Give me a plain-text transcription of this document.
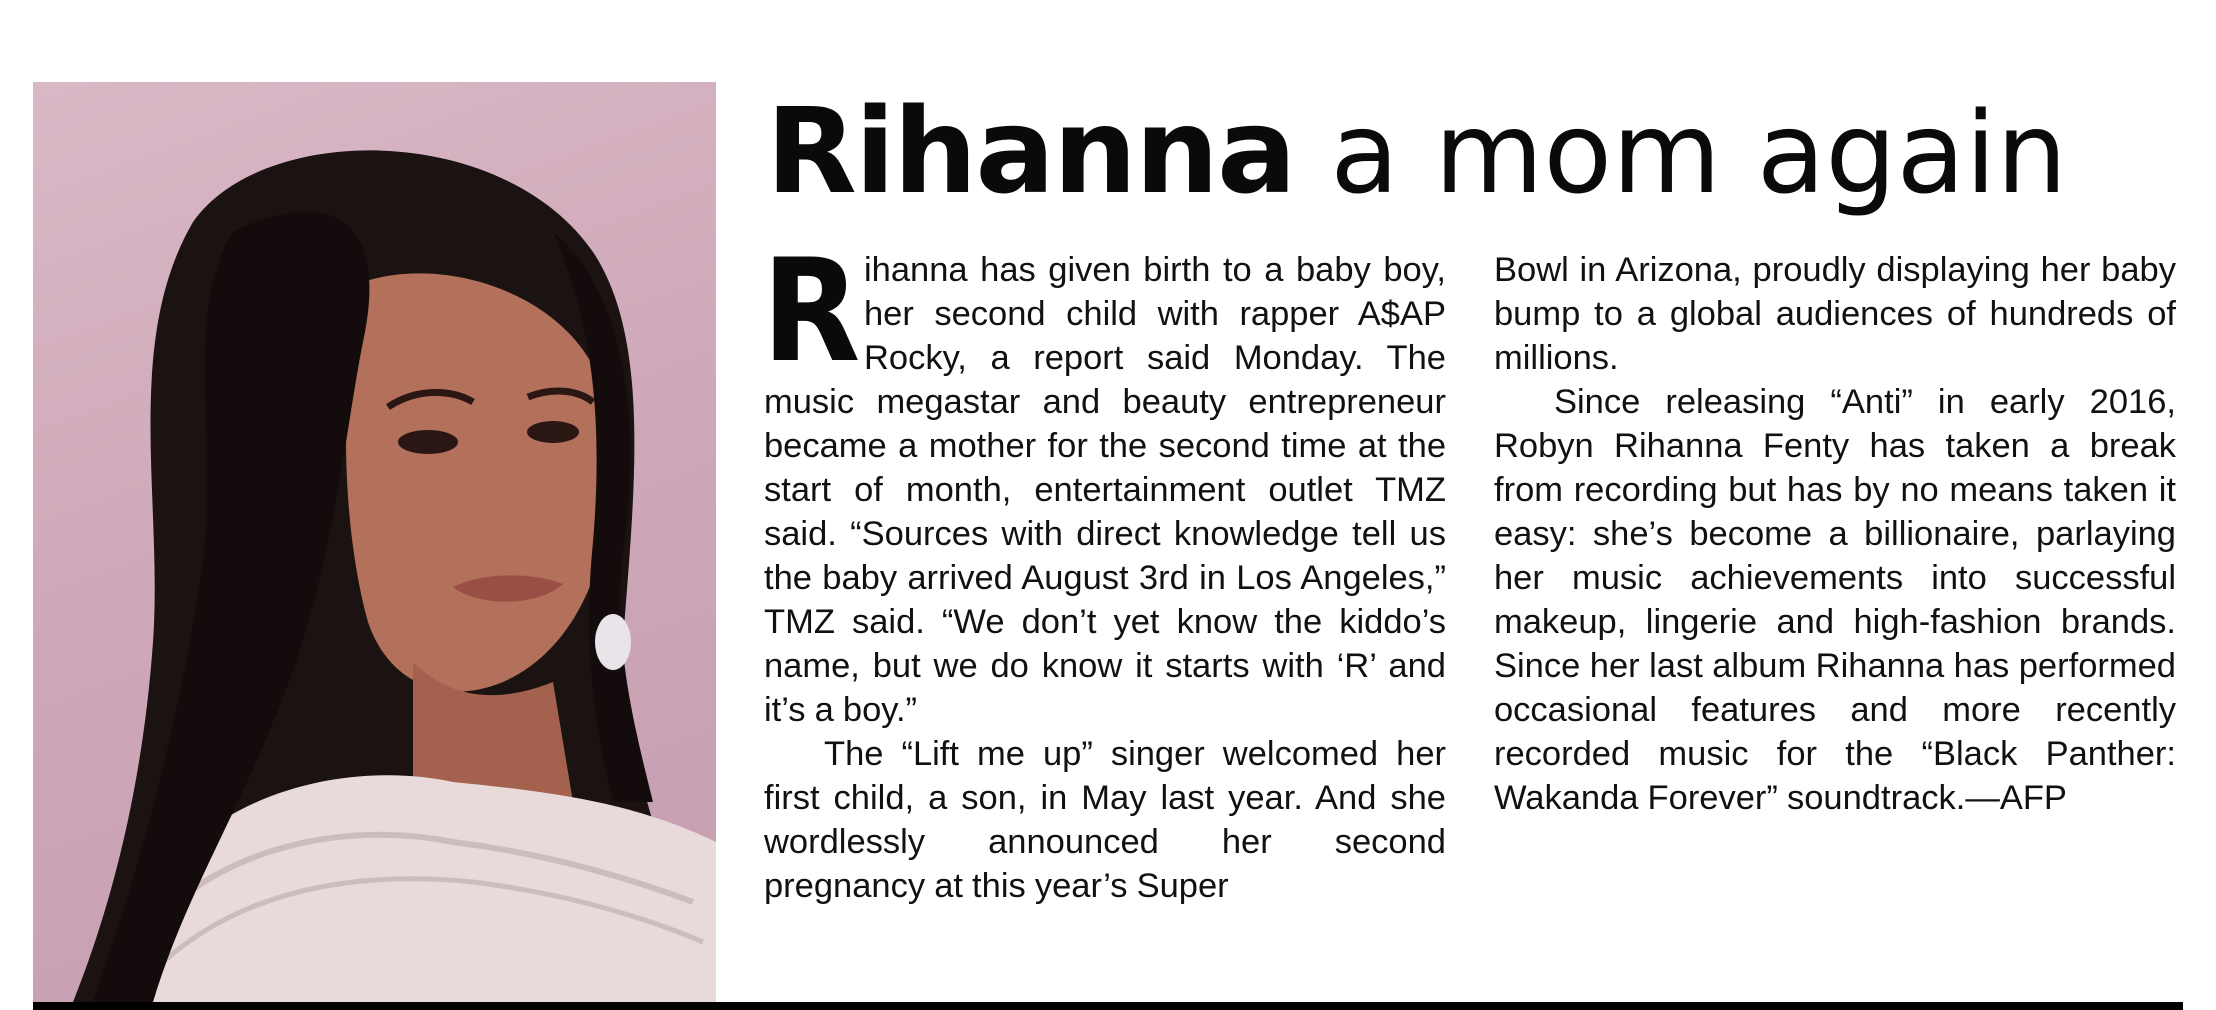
Rihanna a mom again

Rihanna has given birth to a baby boy, her second child with rapper A$AP Rocky, a report said Monday. The music megastar and beauty entrepreneur became a mother for the second time at the start of month, entertainment outlet TMZ said. “Sources with direct knowledge tell us the baby arrived August 3rd in Los Angeles,” TMZ said. “We don’t yet know the kiddo’s name, but we do know it starts with ‘R’ and it’s a boy.”

The “Lift me up” singer welcomed her first child, a son, in May last year. And she wordlessly announced her second pregnancy at this year’s Super

Bowl in Arizona, proudly displaying her baby bump to a global audiences of hundreds of millions.

Since releasing “Anti” in early 2016, Robyn Rihanna Fenty has taken a break from recording but has by no means taken it easy: she’s become a billionaire, parlaying her music achievements into successful makeup, lingerie and high-fashion brands. Since her last album Rihanna has performed occasional features and more recently recorded music for the “Black Panther: Wakanda Forever” soundtrack.—AFP
